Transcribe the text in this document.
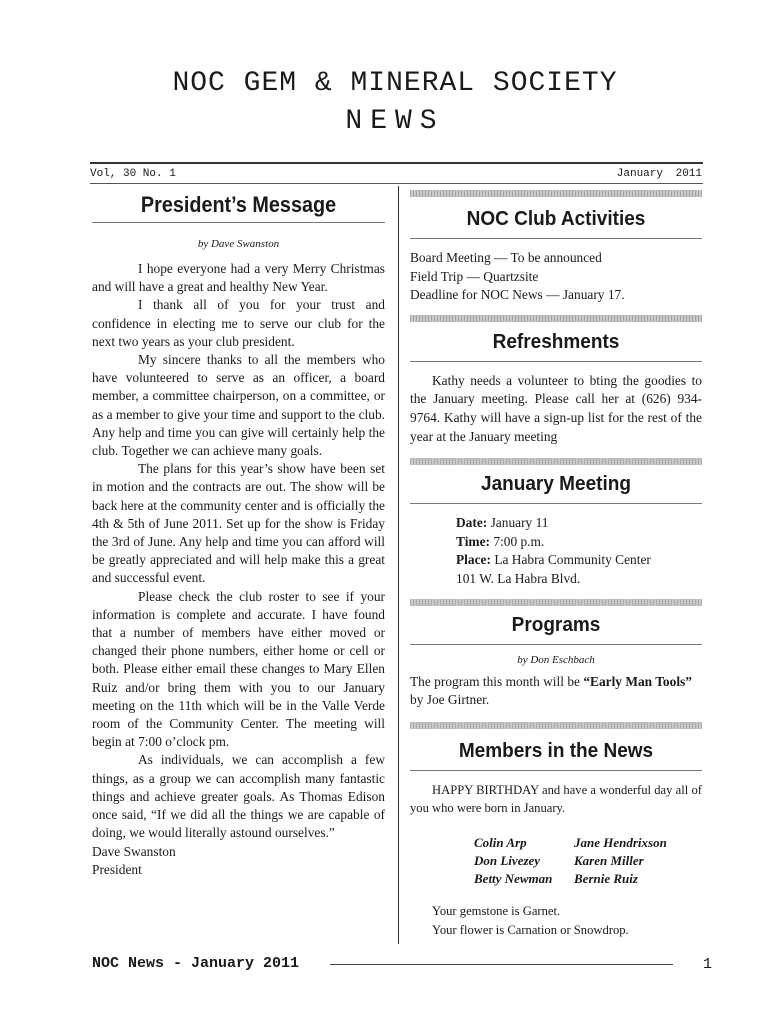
NOC GEM & MINERAL SOCIETY
NEWS
Vol, 30 No. 1	January 2011
President’s Message
by Dave Swanston

I hope everyone had a very Merry Christmas and will have a great and healthy New Year.

I thank all of you for your trust and confidence in electing me to serve our club for the next two years as your club president.

My sincere thanks to all the members who have volunteered to serve as an officer, a board member, a committee chairperson, on a committee, or as a member to give your time and support to the club. Any help and time you can give will certainly help the club. Together we can achieve many goals.

The plans for this year’s show have been set in motion and the contracts are out. The show will be back here at the community center and is officially the 4th & 5th of June 2011. Set up for the show is Friday the 3rd of June. Any help and time you can afford will be greatly appreciated and will help make this a great and successful event.

Please check the club roster to see if your information is complete and accurate. I have found that a number of members have either moved or changed their phone numbers, either home or cell or both. Please either email these changes to Mary Ellen Ruiz and/or bring them with you to our January meeting on the 11th which will be in the Valle Verde room of the Community Center. The meeting will begin at 7:00 o’clock pm.

As individuals, we can accomplish a few things, as a group we can accomplish many fantastic things and achieve greater goals. As Thomas Edison once said, “If we did all the things we are capable of doing, we would literally astound ourselves.”

Dave Swanston

President

NOC Club Activities

Board Meeting — To be announced

Field Trip — Quartzsite

Deadline for NOC News — January 17.

Refreshments

Kathy needs a volunteer to bting the goodies to the January meeting. Please call her at (626) 934-9764. Kathy will have a sign-up list for the rest of the year at the January meeting

January Meeting

Date: January 11

Time: 7:00 p.m.

Place: La Habra Community Center

101 W. La Habra Blvd.

Programs
by Don Eschbach

The program this month will be “Early Man Tools” by Joe Girtner.

Members in the News

HAPPY BIRTHDAY and have a wonderful day all of you who were born in January.

Colin Arp	Jane Hendrixson
Don Livezey	Karen Miller
Betty Newman	Bernie Ruiz

Your gemstone is Garnet.

Your flower is Carnation or Snowdrop.

NOC News - January 2011	1
